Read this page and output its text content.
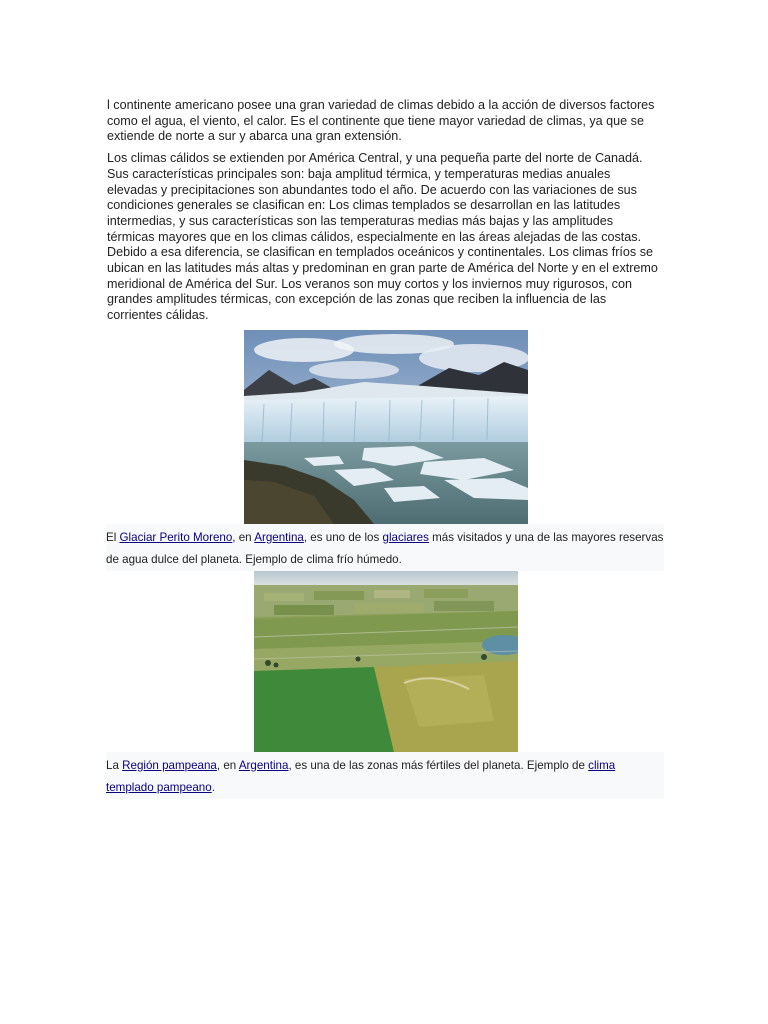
l continente americano posee una gran variedad de climas debido a la acción de diversos factores como el agua, el viento, el calor. Es el continente que tiene mayor variedad de climas, ya que se extiende de norte a sur y abarca una gran extensión.

Los climas cálidos se extienden por América Central, y una pequeña parte del norte de Canadá. Sus características principales son: baja amplitud térmica, y temperaturas medias anuales elevadas y precipitaciones son abundantes todo el año. De acuerdo con las variaciones de sus condiciones generales se clasifican en: Los climas templados se desarrollan en las latitudes intermedias, y sus características son las temperaturas medias más bajas y las amplitudes térmicas mayores que en los climas cálidos, especialmente en las áreas alejadas de las costas. Debido a esa diferencia, se clasifican en templados oceánicos y continentales. Los climas fríos se ubican en las latitudes más altas y predominan en gran parte de América del Norte y en el extremo meridional de América del Sur. Los veranos son muy cortos y los inviernos muy rigurosos, con grandes amplitudes térmicas, con excepción de las zonas que reciben la influencia de las corrientes cálidas.

El Glaciar Perito Moreno, en Argentina, es uno de los glaciares más visitados y una de las mayores reservas de agua dulce del planeta. Ejemplo de clima frío húmedo.
La Región pampeana, en Argentina, es una de las zonas más fértiles del planeta. Ejemplo de clima templado pampeano.
